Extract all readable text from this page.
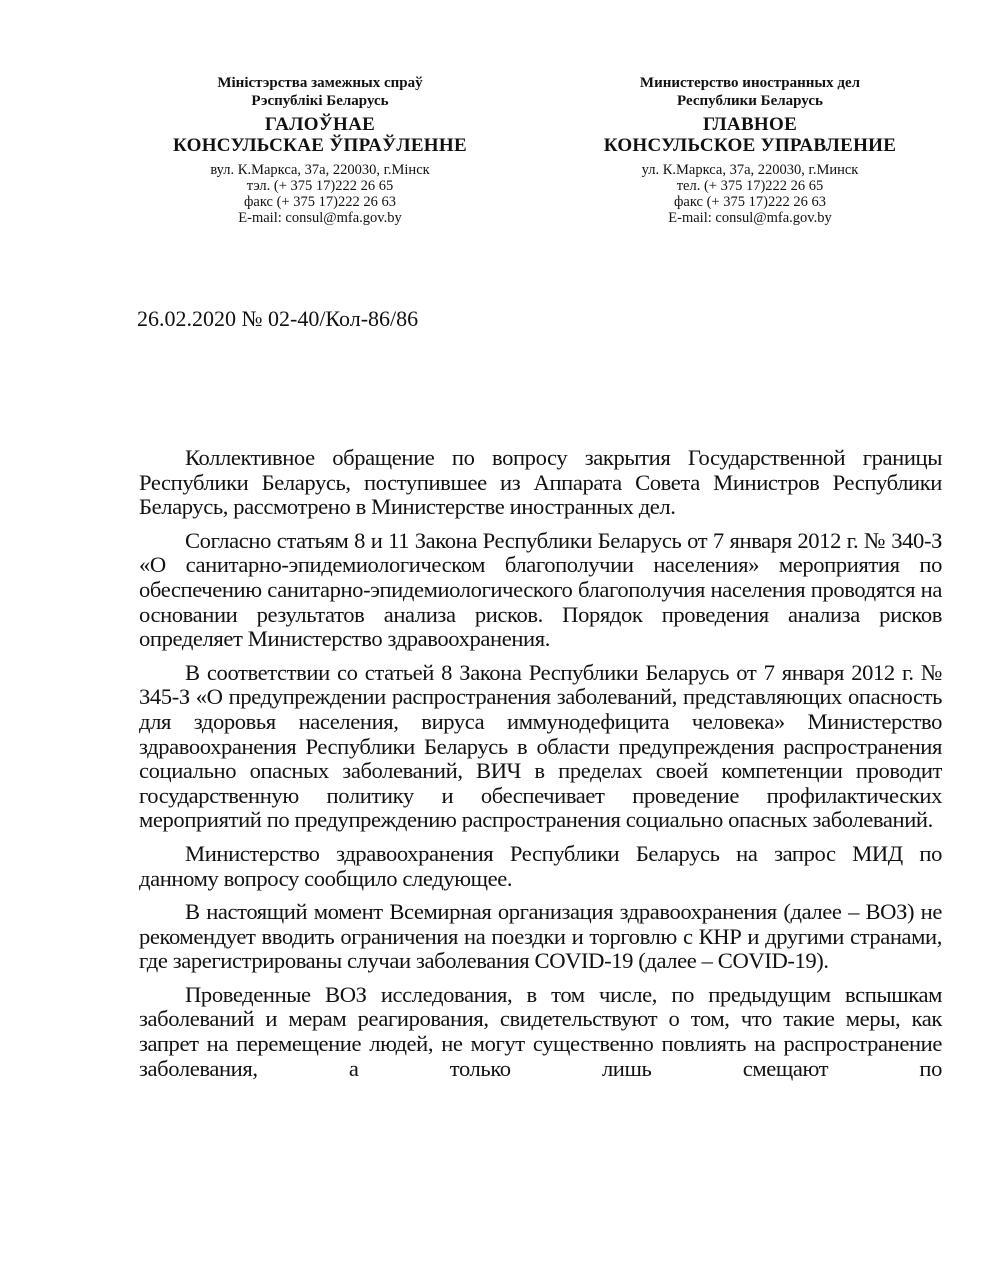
Міністэрства замежных спраў
Рэспублікі Беларусь
ГАЛОЎНАЕ
КОНСУЛЬСКАЕ ЎПРАЎЛЕННЕ
вул. К.Маркса, 37а, 220030, г.Мінск
тэл. (+ 375 17)222 26 65
факс (+ 375 17)222 26 63
E-mail: consul@mfa.gov.by
Министерство иностранных дел
Республики Беларусь
ГЛАВНОЕ
КОНСУЛЬСКОЕ УПРАВЛЕНИЕ
ул. К.Маркса, 37а, 220030, г.Минск
тел. (+ 375 17)222 26 65
факс (+ 375 17)222 26 63
E-mail: consul@mfa.gov.by
26.02.2020 № 02-40/Кол-86/86

Коллективное обращение по вопросу закрытия Государственной границы Республики Беларусь, поступившее из Аппарата Совета Министров Республики Беларусь, рассмотрено в Министерстве иностранных дел.

Согласно статьям 8 и 11 Закона Республики Беларусь от 7 января 2012 г. № 340-З «О санитарно-эпидемиологическом благополучии населения» мероприятия по обеспечению санитарно-эпидемиологического благополучия населения проводятся на основании результатов анализа рисков. Порядок проведения анализа рисков определяет Министерство здравоохранения.

В соответствии со статьей 8 Закона Республики Беларусь от 7 января 2012 г. № 345-З «О предупреждении распространения заболеваний, представляющих опасность для здоровья населения, вируса иммунодефицита человека» Министерство здравоохранения Республики Беларусь в области предупреждения распространения социально опасных заболеваний, ВИЧ в пределах своей компетенции проводит государственную политику и обеспечивает проведение профилактических мероприятий по предупреждению распространения социально опасных заболеваний.

Министерство здравоохранения Республики Беларусь на запрос МИД по данному вопросу сообщило следующее.

В настоящий момент Всемирная организация здравоохранения (далее – ВОЗ) не рекомендует вводить ограничения на поездки и торговлю с КНР и другими странами, где зарегистрированы случаи заболевания COVID-19 (далее – COVID-19).

Проведенные ВОЗ исследования, в том числе, по предыдущим вспышкам заболеваний и мерам реагирования, свидетельствуют о том, что такие меры, как запрет на перемещение людей, не могут существенно повлиять на распространение заболевания, а только лишь смещают по
